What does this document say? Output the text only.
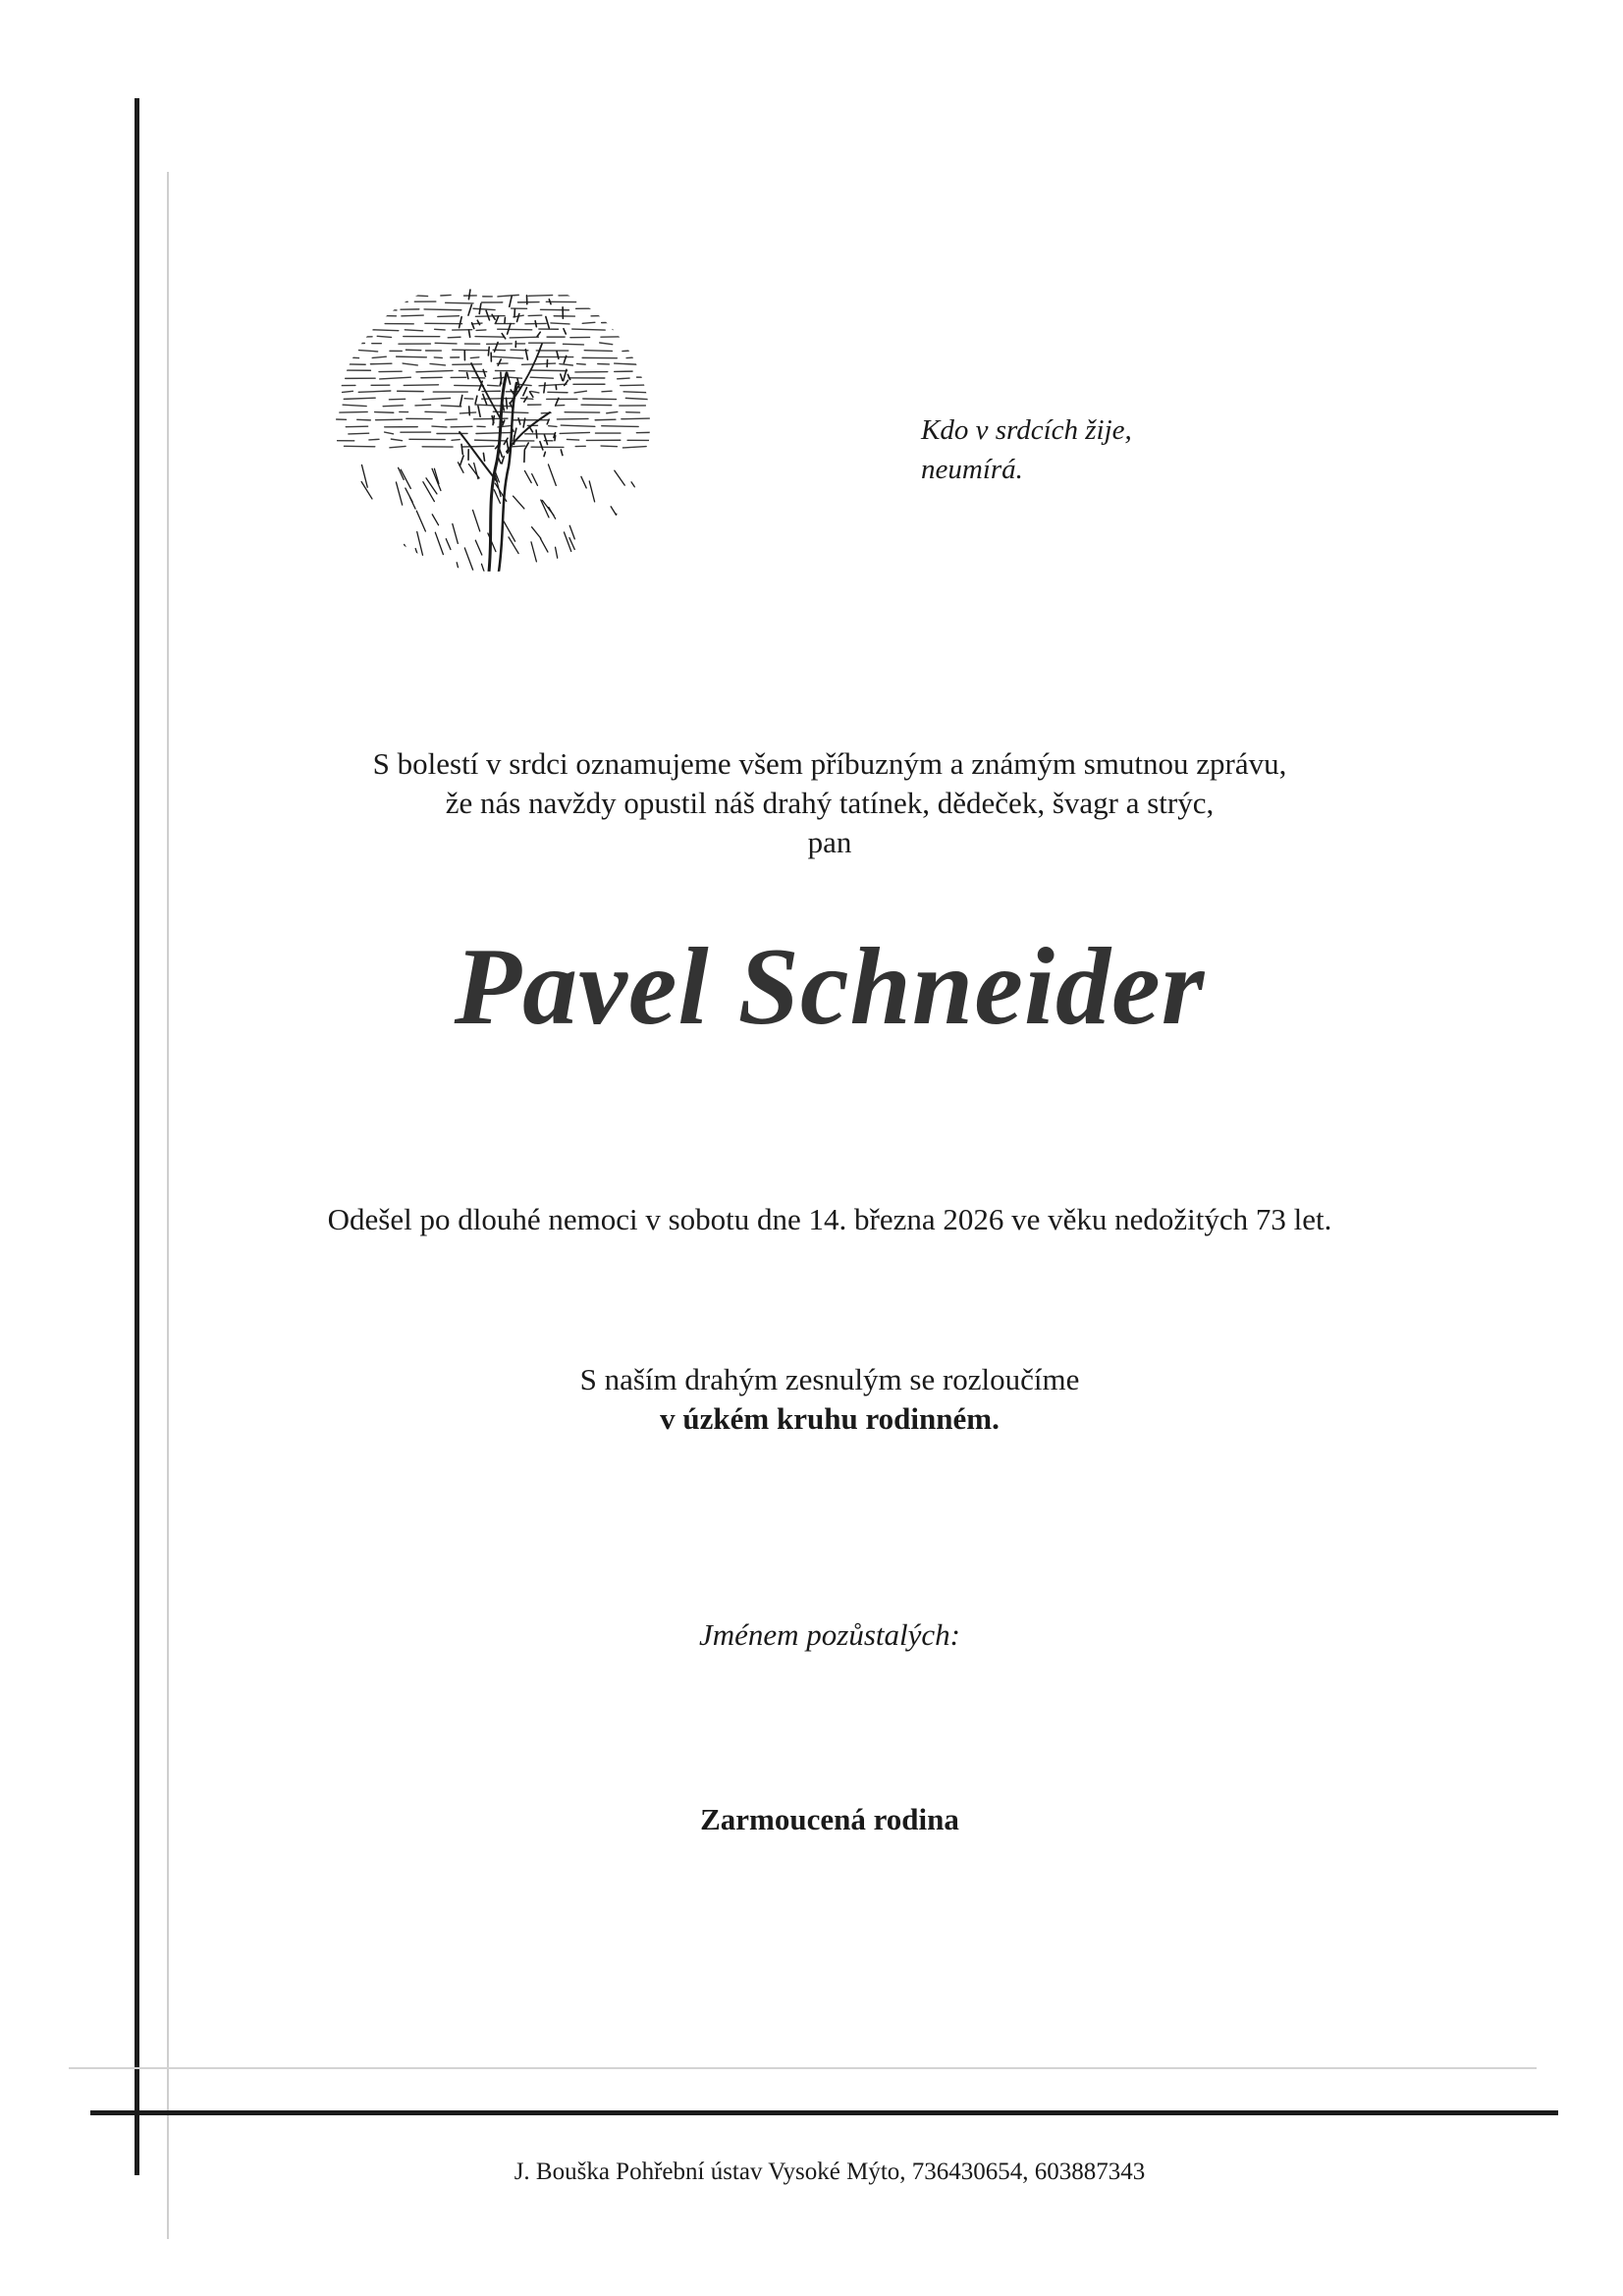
Kdo v srdcích žije,
neumírá.
S bolestí v srdci oznamujeme všem příbuzným a známým smutnou zprávu,
že nás navždy opustil náš drahý tatínek, dědeček, švagr a strýc,
pan
Pavel Schneider
Odešel po dlouhé nemoci v sobotu dne 14. března 2026 ve věku nedožitých 73 let.
S naším drahým zesnulým se rozloučíme
v úzkém kruhu rodinném.
Jménem pozůstalých:
Zarmoucená rodina
J. Bouška Pohřební ústav Vysoké Mýto, 736430654, 603887343
